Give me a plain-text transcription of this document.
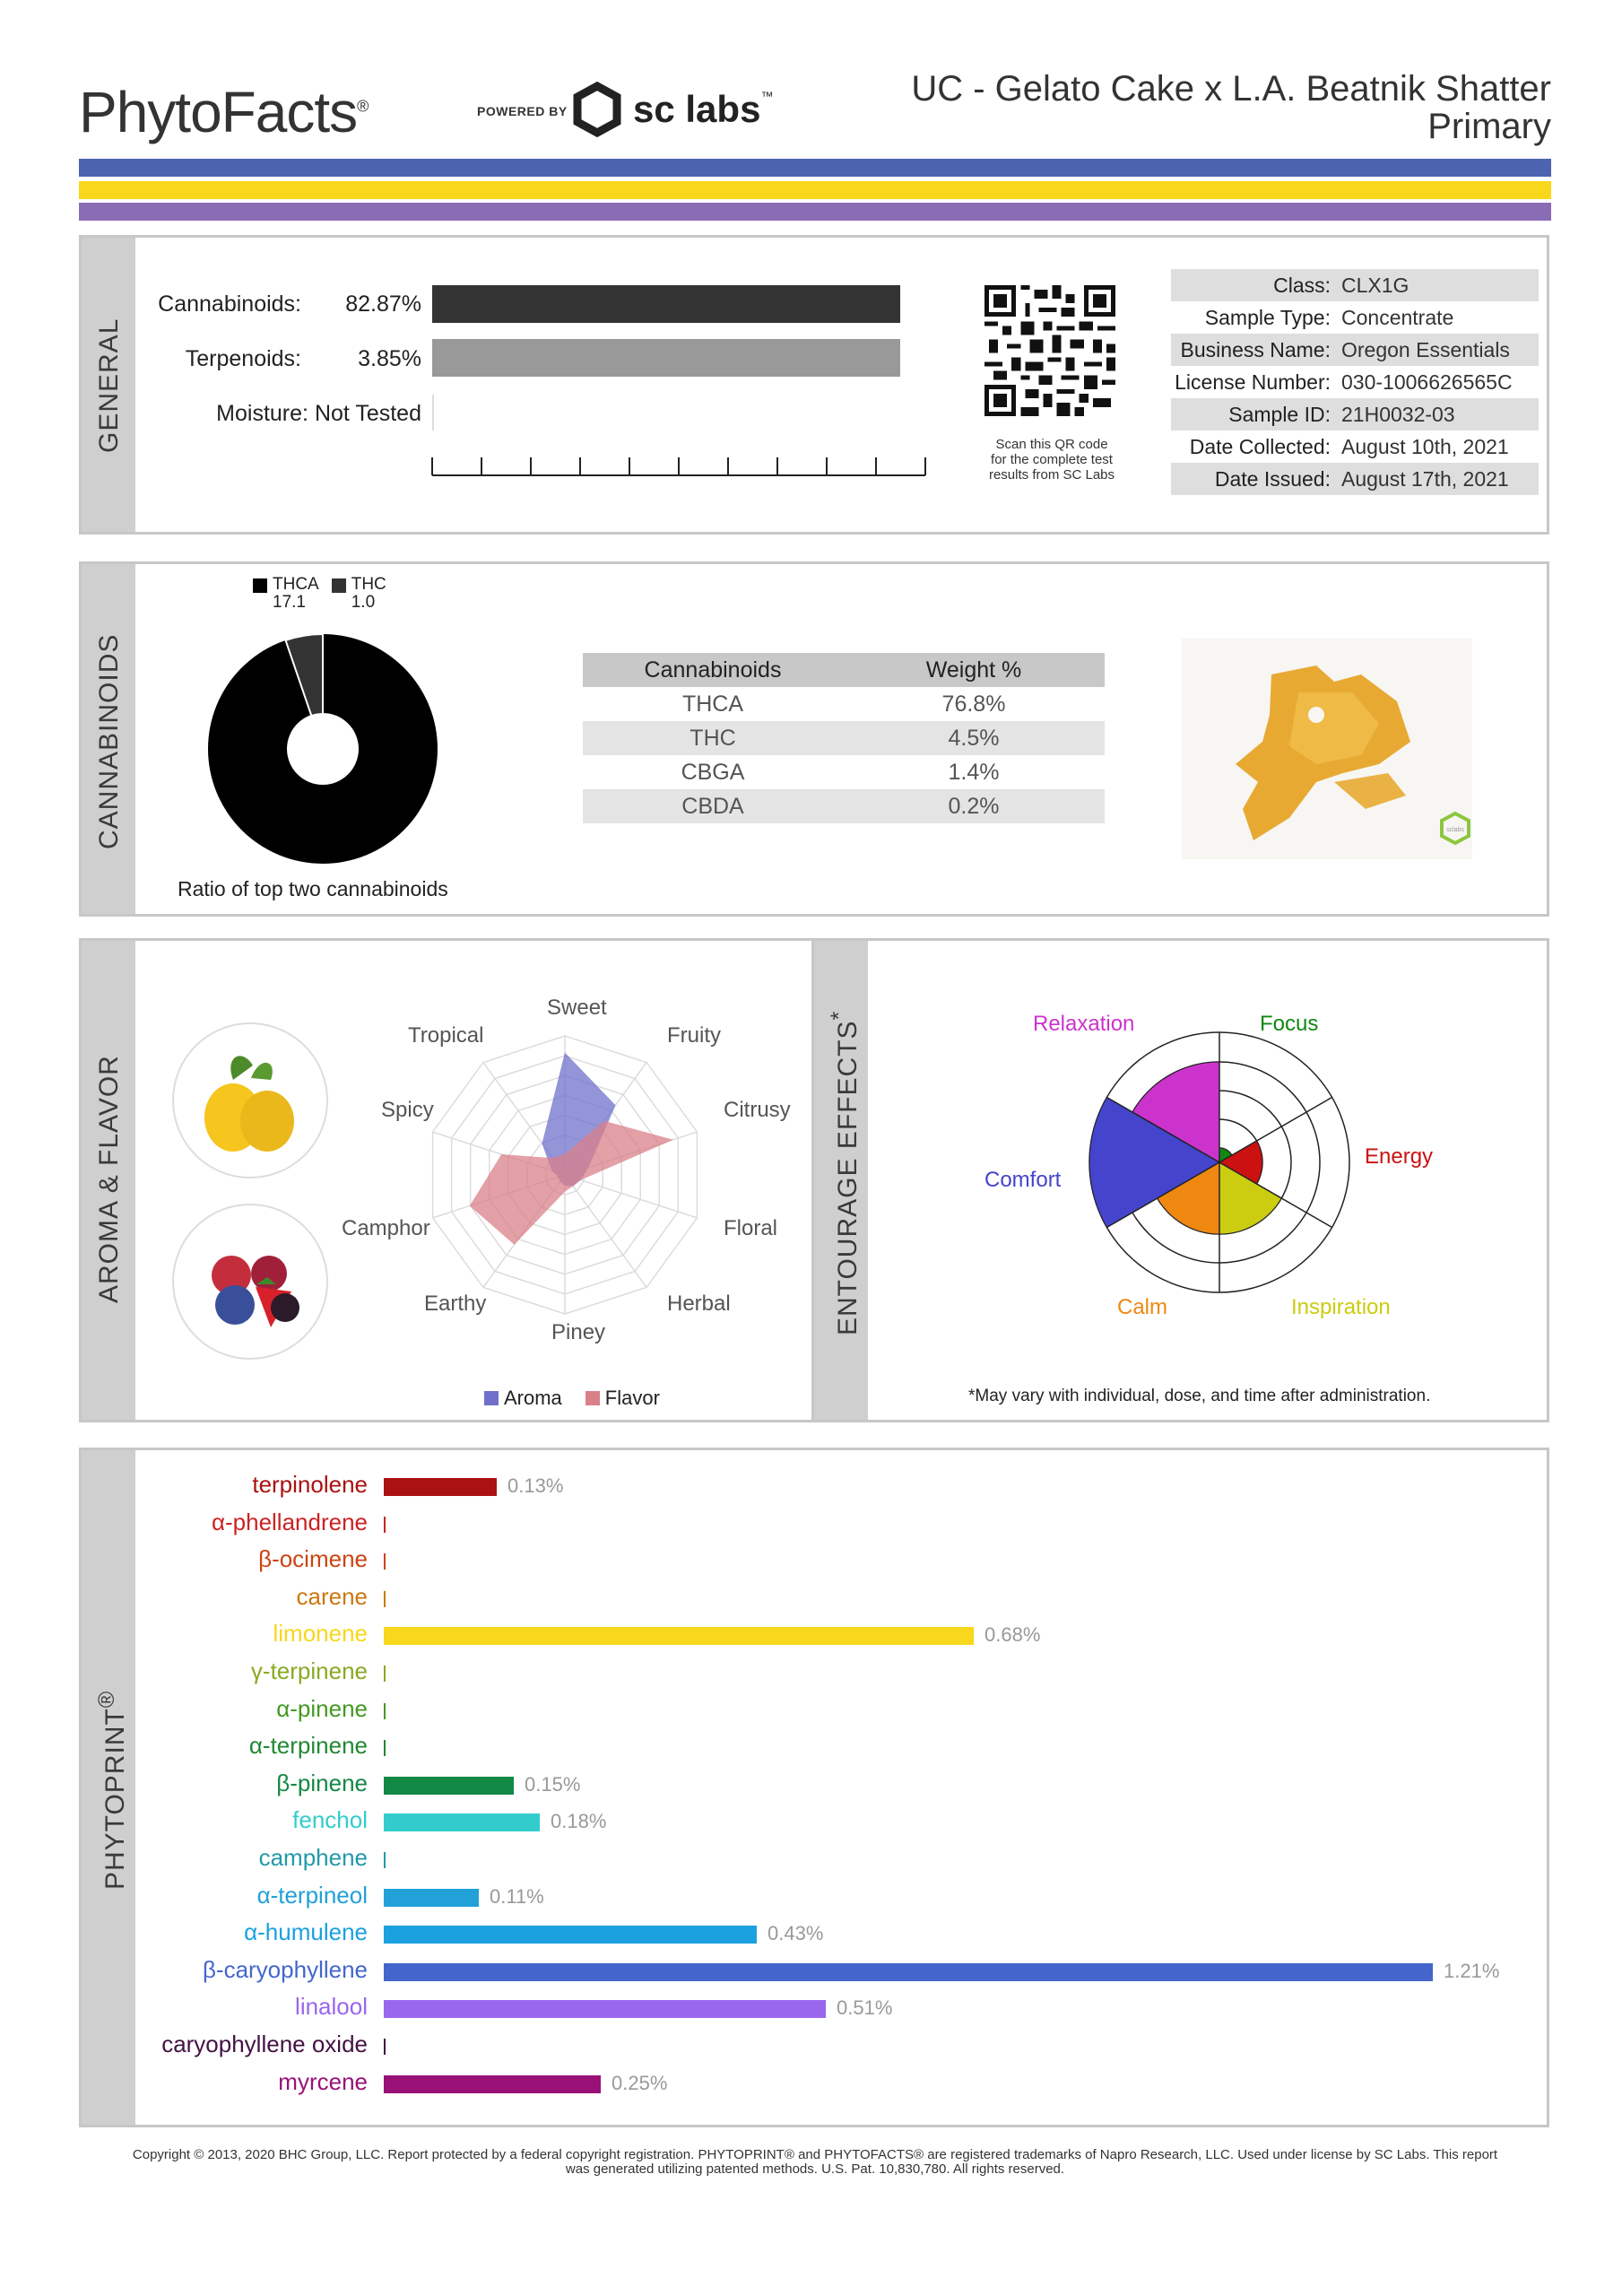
PhytoFacts®	POWERED BY sc labs™	UC - Gelato Cake x L.A. Beatnik Shatter
Primary
GENERAL
Cannabinoids:	82.87%
Terpenoids:	3.85%
Moisture: Not Tested
Scan this QR code
for the complete test
results from SC Labs
Class: CLX1G
Sample Type: Concentrate
Business Name: Oregon Essentials
License Number: 030-1006626565C
Sample ID: 21H0032-03
Date Collected: August 10th, 2021
Date Issued: August 17th, 2021
CANNABINOIDS
THCA
17.1
THC
1.0
Ratio of top two cannabinoids
Cannabinoids	Weight %
THCA	76.8%
THC	4.5%
CBGA	1.4%
CBDA	0.2%
sclabs
AROMA & FLAVOR	ENTOURAGE EFFECTS*
Sweet
Fruity
Citrusy
Floral
Herbal
Piney
Earthy
Camphor
Spicy
Tropical
Aroma Flavor
Relaxation	Focus
Energy
Inspiration
Calm
Comfort
*May vary with individual, dose, and time after administration.
PHYTOPRINT®
terpinolene	0.13%
α-phellandrene
β-ocimene
carene
limonene	0.68%
γ-terpinene
α-pinene
α-terpinene
β-pinene	0.15%
fenchol	0.18%
camphene
α-terpineol	0.11%
α-humulene	0.43%
β-caryophyllene	1.21%
linalool	0.51%
caryophyllene oxide
myrcene	0.25%
Copyright © 2013, 2020 BHC Group, LLC. Report protected by a federal copyright registration. PHYTOPRINT® and PHYTOFACTS® are registered trademarks of Napro Research, LLC. Used under license by SC Labs. This report
was generated utilizing patented methods. U.S. Pat. 10,830,780. All rights reserved.
